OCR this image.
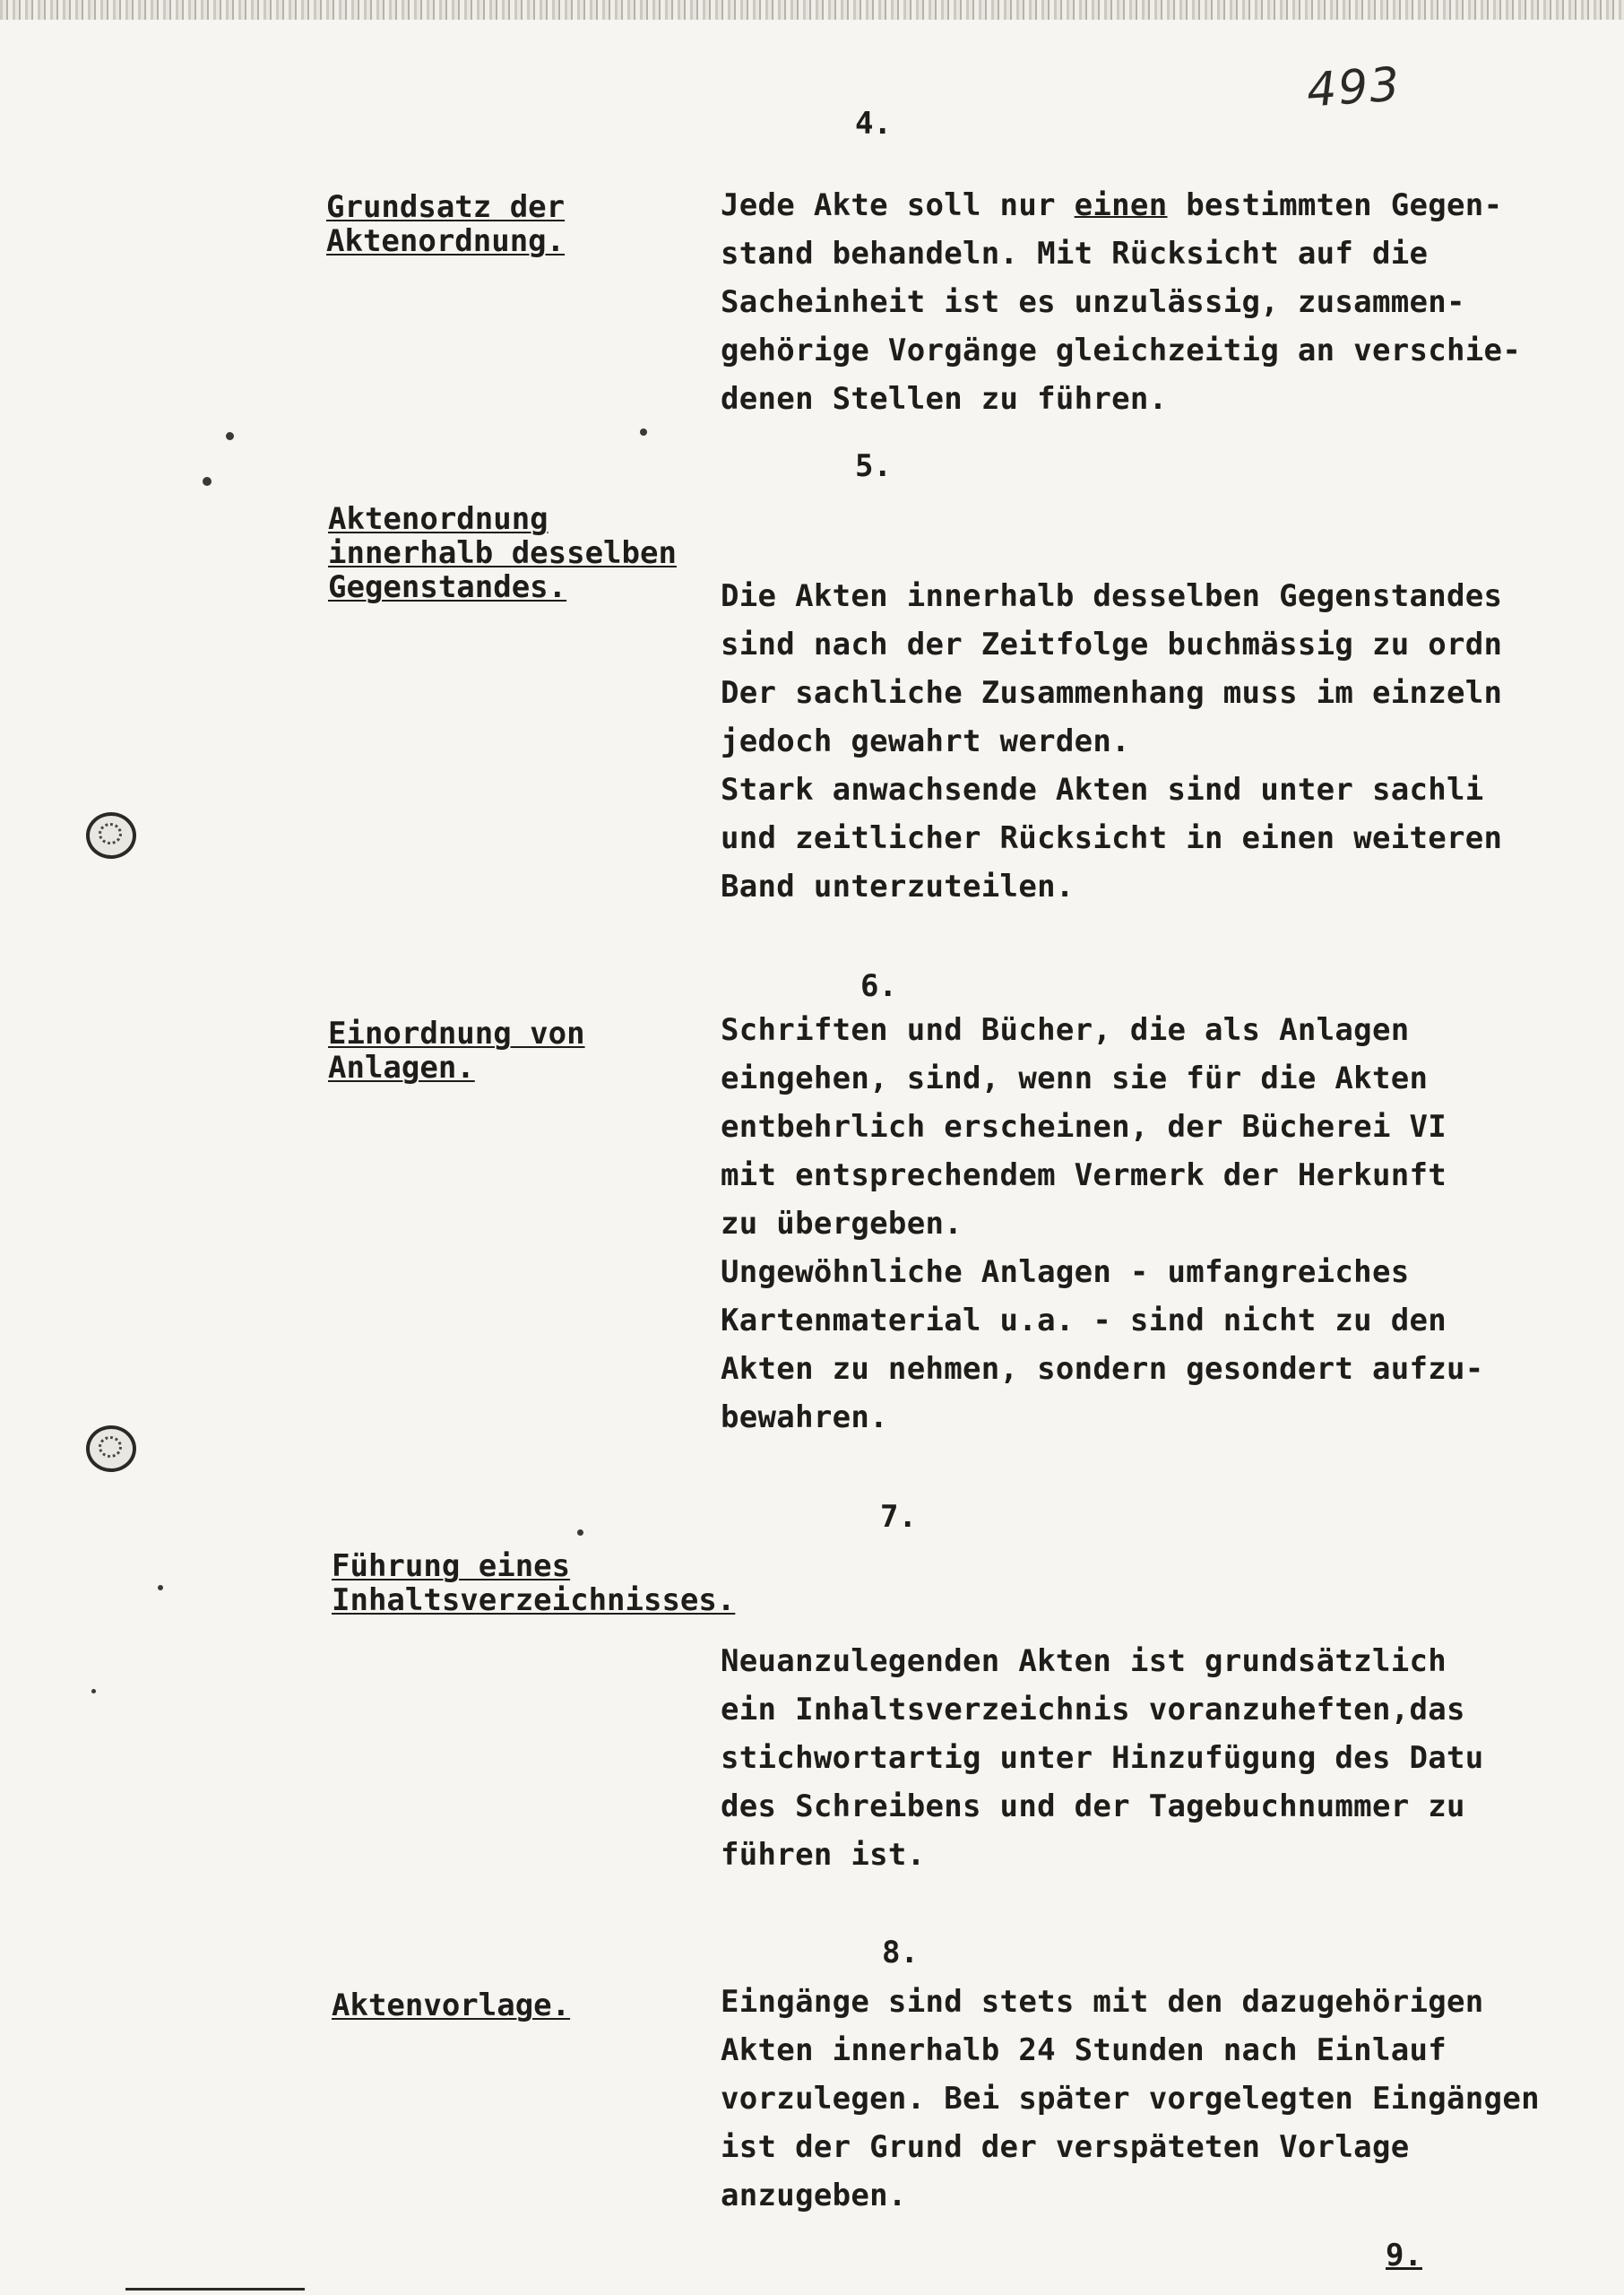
493
4.
Grundsatz der
Aktenordnung.
Jede Akte soll nur einen bestimmten Gegen-
stand behandeln. Mit Rücksicht auf die
Sacheinheit ist es unzulässig, zusammen-
gehörige Vorgänge gleichzeitig an verschie-
denen Stellen zu führen.
5.
Aktenordnung
innerhalb desselben
Gegenstandes.	Die Akten innerhalb desselben Gegenstandes
sind nach der Zeitfolge buchmässig zu ordn
Der sachliche Zusammenhang muss im einzeln
jedoch gewahrt werden.
Stark anwachsende Akten sind unter sachli
und zeitlicher Rücksicht in einen weiteren
Band unterzuteilen.
6.
Einordnung von
Anlagen.
Schriften und Bücher, die als Anlagen
eingehen, sind, wenn sie für die Akten
entbehrlich erscheinen, der Bücherei VI
mit entsprechendem Vermerk der Herkunft
zu übergeben.
Ungewöhnliche Anlagen - umfangreiches
Kartenmaterial u.a. - sind nicht zu den
Akten zu nehmen, sondern gesondert aufzu-
bewahren.
7.
Führung eines
Inhaltsverzeichnisses.
Neuanzulegenden Akten ist grundsätzlich
ein Inhaltsverzeichnis voranzuheften,das
stichwortartig unter Hinzufügung des Datu
des Schreibens und der Tagebuchnummer zu
führen ist.
8.
Aktenvorlage.	Eingänge sind stets mit den dazugehörigen
Akten innerhalb 24 Stunden nach Einlauf
vorzulegen. Bei später vorgelegten Eingängen
ist der Grund der verspäteten Vorlage
anzugeben.
9.
